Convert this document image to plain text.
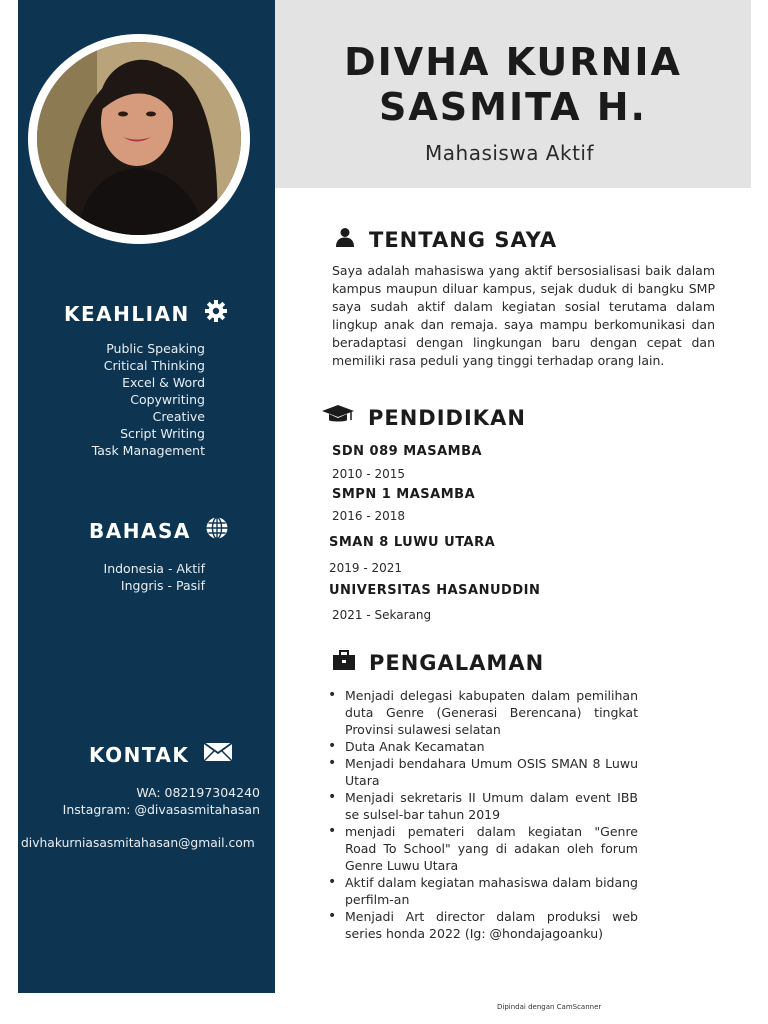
KEAHLIAN
Public Speaking
Critical Thinking
Excel & Word
Copywriting
Creative
Script Writing
Task Management
BAHASA
Indonesia - Aktif
Inggris - Pasif
KONTAK
WA: 082197304240
Instagram: @divasasmitahasan
divhakurniasasmitahasan@gmail.com
DIVHA KURNIA
SASMITA H.
Mahasiswa Aktif
TENTANG SAYA
Saya adalah mahasiswa yang aktif bersosialisasi baik dalam kampus maupun diluar kampus, sejak duduk di bangku SMP saya sudah aktif dalam kegiatan sosial terutama dalam lingkup anak dan remaja. saya mampu berkomunikasi dan beradaptasi dengan lingkungan baru dengan cepat dan memiliki rasa peduli yang tinggi terhadap orang lain.
PENDIDIKAN
SDN 089 MASAMBA
2010 - 2015
SMPN 1 MASAMBA
2016 - 2018
SMAN 8 LUWU UTARA
2019 - 2021
UNIVERSITAS HASANUDDIN
2021 - Sekarang
PENGALAMAN
• Menjadi delegasi kabupaten dalam pemilihan duta Genre (Generasi Berencana) tingkat Provinsi sulawesi selatan
• Duta Anak Kecamatan
• Menjadi bendahara Umum OSIS SMAN 8 Luwu Utara
• Menjadi sekretaris II Umum dalam event IBB se sulsel-bar tahun 2019
• menjadi pemateri dalam kegiatan "Genre Road To School" yang di adakan oleh forum Genre Luwu Utara
• Aktif dalam kegiatan mahasiswa dalam bidang perfilm-an
• Menjadi Art director dalam produksi web series honda 2022 (Ig: @hondajagoanku)
Dipindai dengan CamScanner
